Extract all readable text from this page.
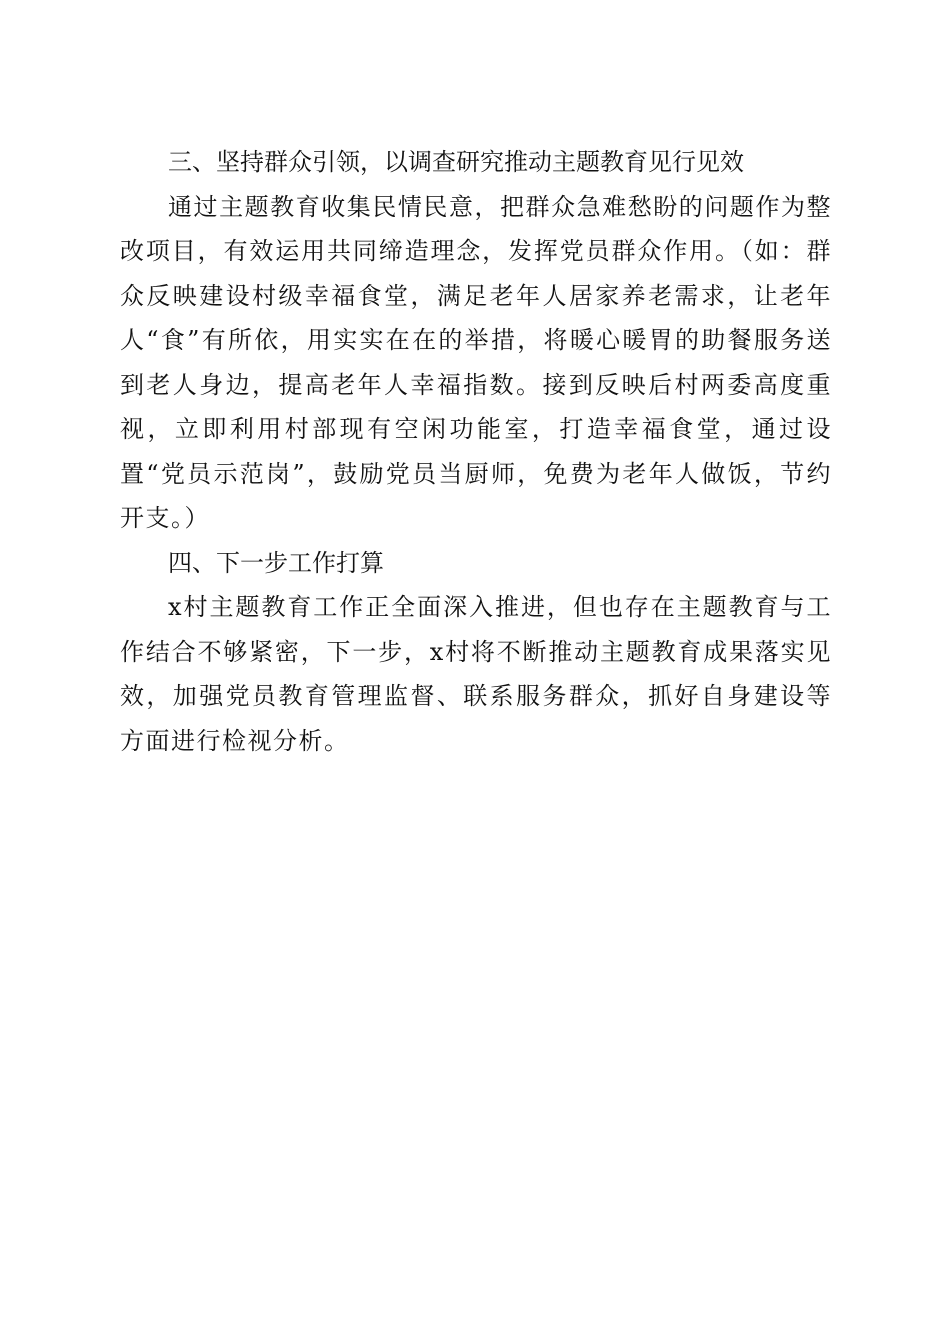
三、坚持群众引领，以调查研究推动主题教育见行见效

通过主题教育收集民情民意，把群众急难愁盼的问题作为整改项目，有效运用共同缔造理念，发挥党员群众作用。（如：群众反映建设村级幸福食堂，满足老年人居家养老需求，让老年人“食”有所依，用实实在在的举措，将暖心暖胃的助餐服务送到老人身边，提高老年人幸福指数。接到反映后村两委高度重视，立即利用村部现有空闲功能室，打造幸福食堂，通过设置“党员示范岗”，鼓励党员当厨师，免费为老年人做饭，节约开支。）

四、下一步工作打算

x村主题教育工作正全面深入推进，但也存在主题教育与工作结合不够紧密，下一步，x村将不断推动主题教育成果落实见效，加强党员教育管理监督、联系服务群众，抓好自身建设等方面进行检视分析。
